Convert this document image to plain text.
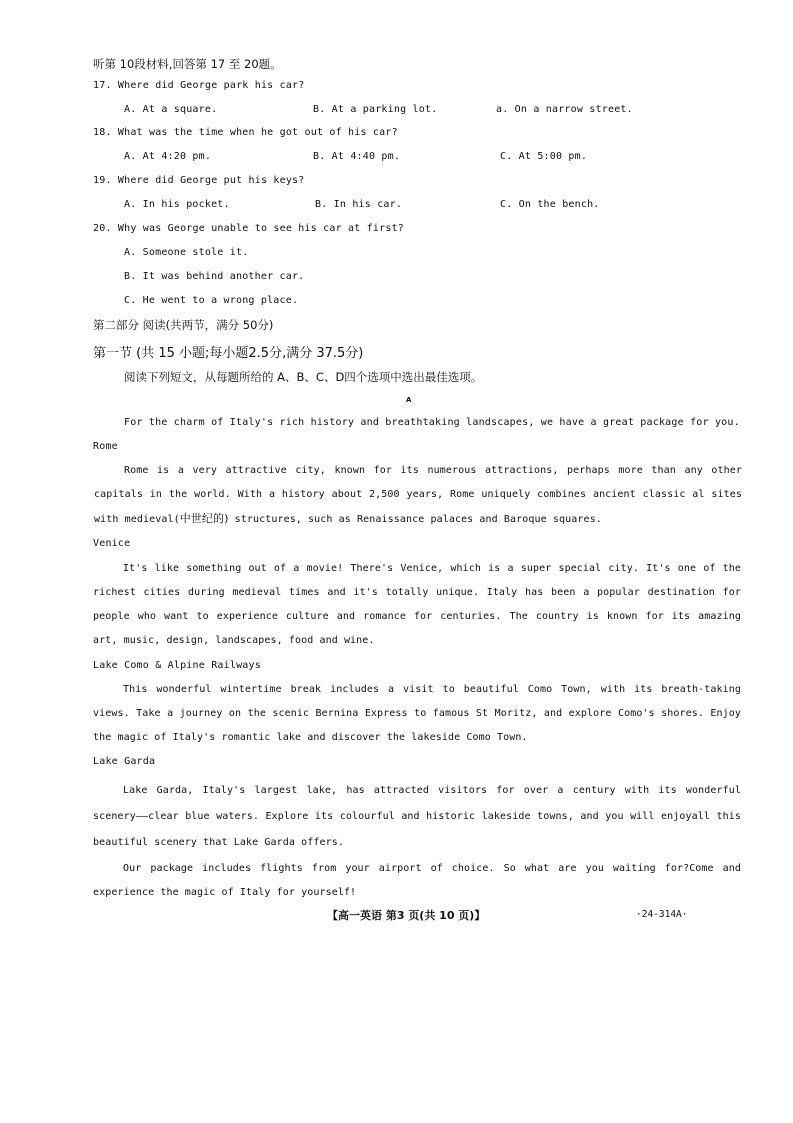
听第 10段材料,回答第 17 至 20题。
17. Where did George park his car?
A. At a square.	B. At a parking lot.	a. On a narrow street.
18. What was the time when he got out of his car?
A. At 4:20 pm.	B. At 4:40 pm.	C. At 5:00 pm.
19. Where did George put his keys?
A. In his pocket.	B. In his car.	C. On the bench.
20. Why was George unable to see his car at first?
A. Someone stole it.
B. It was behind another car.
C. He went to a wrong place.
第二部分 阅读(共两节，满分 50分)
第一节 (共 15 小题;每小题2.5分,满分 37.5分)
阅读下列短文，从每题所给的 A、B、C、D四个选项中选出最佳选项。
A
For the charm of Italy's rich history and breathtaking landscapes, we have a great package for you.
Rome
Rome is a very attractive city, known for its numerous attractions, perhaps more than any other capitals in the world. With a history about 2,500 years, Rome uniquely combines ancient classic al sites with medieval(中世纪的) structures, such as Renaissance palaces and Baroque squares.
Venice
It's like something out of a movie! There's Venice, which is a super special city. It's one of the richest cities during medieval times and it's totally unique. Italy has been a popular destination for people who want to experience culture and romance for centuries. The country is known for its amazing art, music, design, landscapes, food and wine.
Lake Como & Alpine Railways
This wonderful wintertime break includes a visit to beautiful Como Town, with its breath-taking views. Take a journey on the scenic Bernina Express to famous St Moritz, and explore Como's shores. Enjoy the magic of Italy's romantic lake and discover the lakeside Como Town.
Lake Garda
Lake Garda, Italy's largest lake, has attracted visitors for over a century with its wonderful scenery——clear blue waters. Explore its colourful and historic lakeside towns, and you will enjoyall this beautiful scenery that Lake Garda offers.
Our package includes flights from your airport of choice. So what are you waiting for?Come and experience the magic of Italy for yourself!
【高一英语 第3 页(共 10 页)】	·24-314A·
